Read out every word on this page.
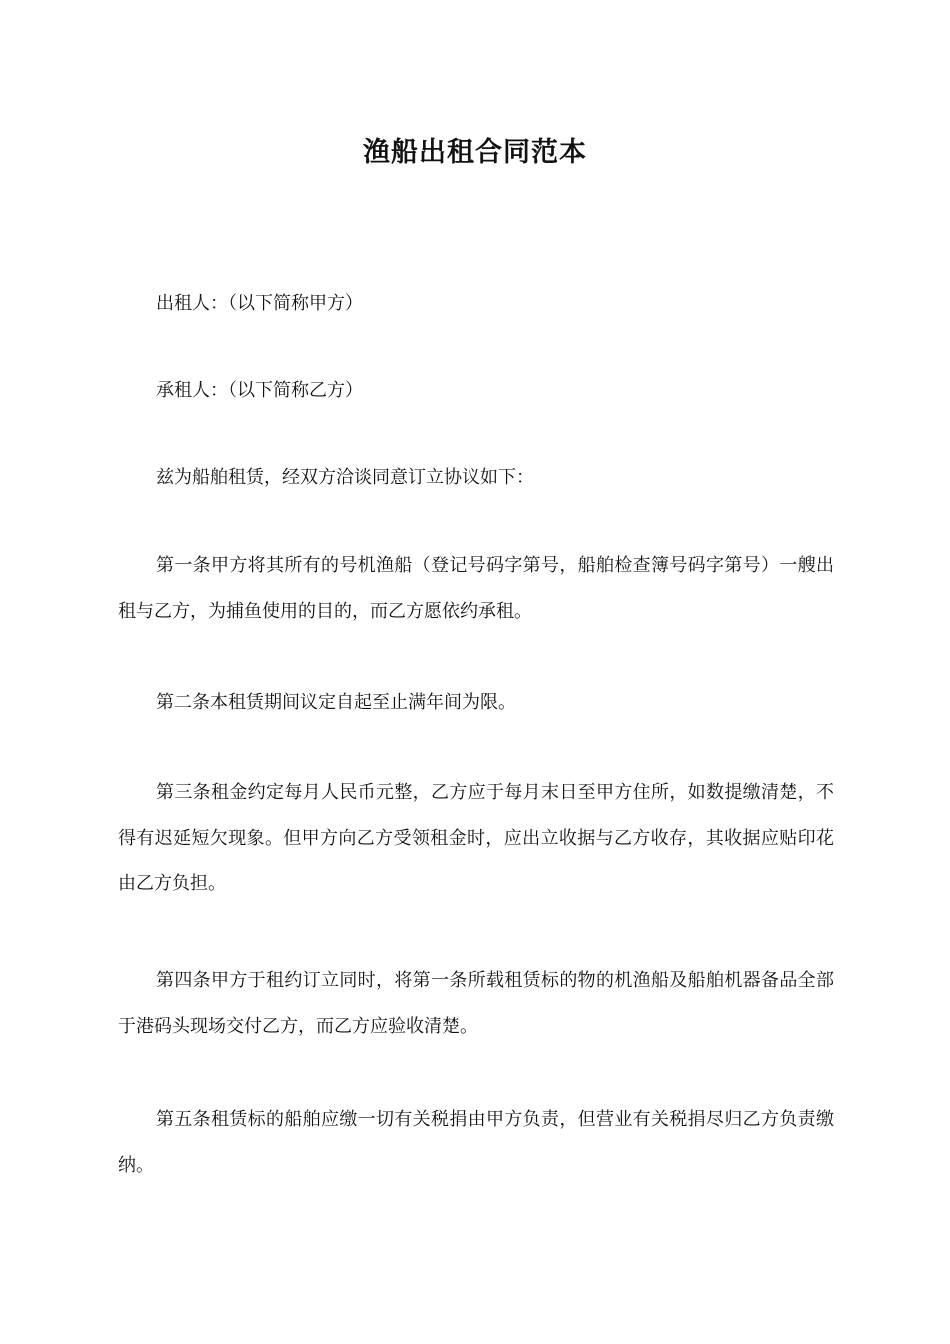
渔船出租合同范本

出租人：（以下简称甲方）

承租人：（以下简称乙方）

兹为船舶租赁，经双方洽谈同意订立协议如下：

第一条甲方将其所有的号机渔船（登记号码字第号，船舶检查簿号码字第号）一艘出租与乙方，为捕鱼使用的目的，而乙方愿依约承租。

第二条本租赁期间议定自起至止满年间为限。

第三条租金约定每月人民币元整，乙方应于每月末日至甲方住所，如数提缴清楚，不得有迟延短欠现象。但甲方向乙方受领租金时，应出立收据与乙方收存，其收据应贴印花由乙方负担。

第四条甲方于租约订立同时，将第一条所载租赁标的物的机渔船及船舶机器备品全部于港码头现场交付乙方，而乙方应验收清楚。

第五条租赁标的船舶应缴一切有关税捐由甲方负责，但营业有关税捐尽归乙方负责缴纳。
